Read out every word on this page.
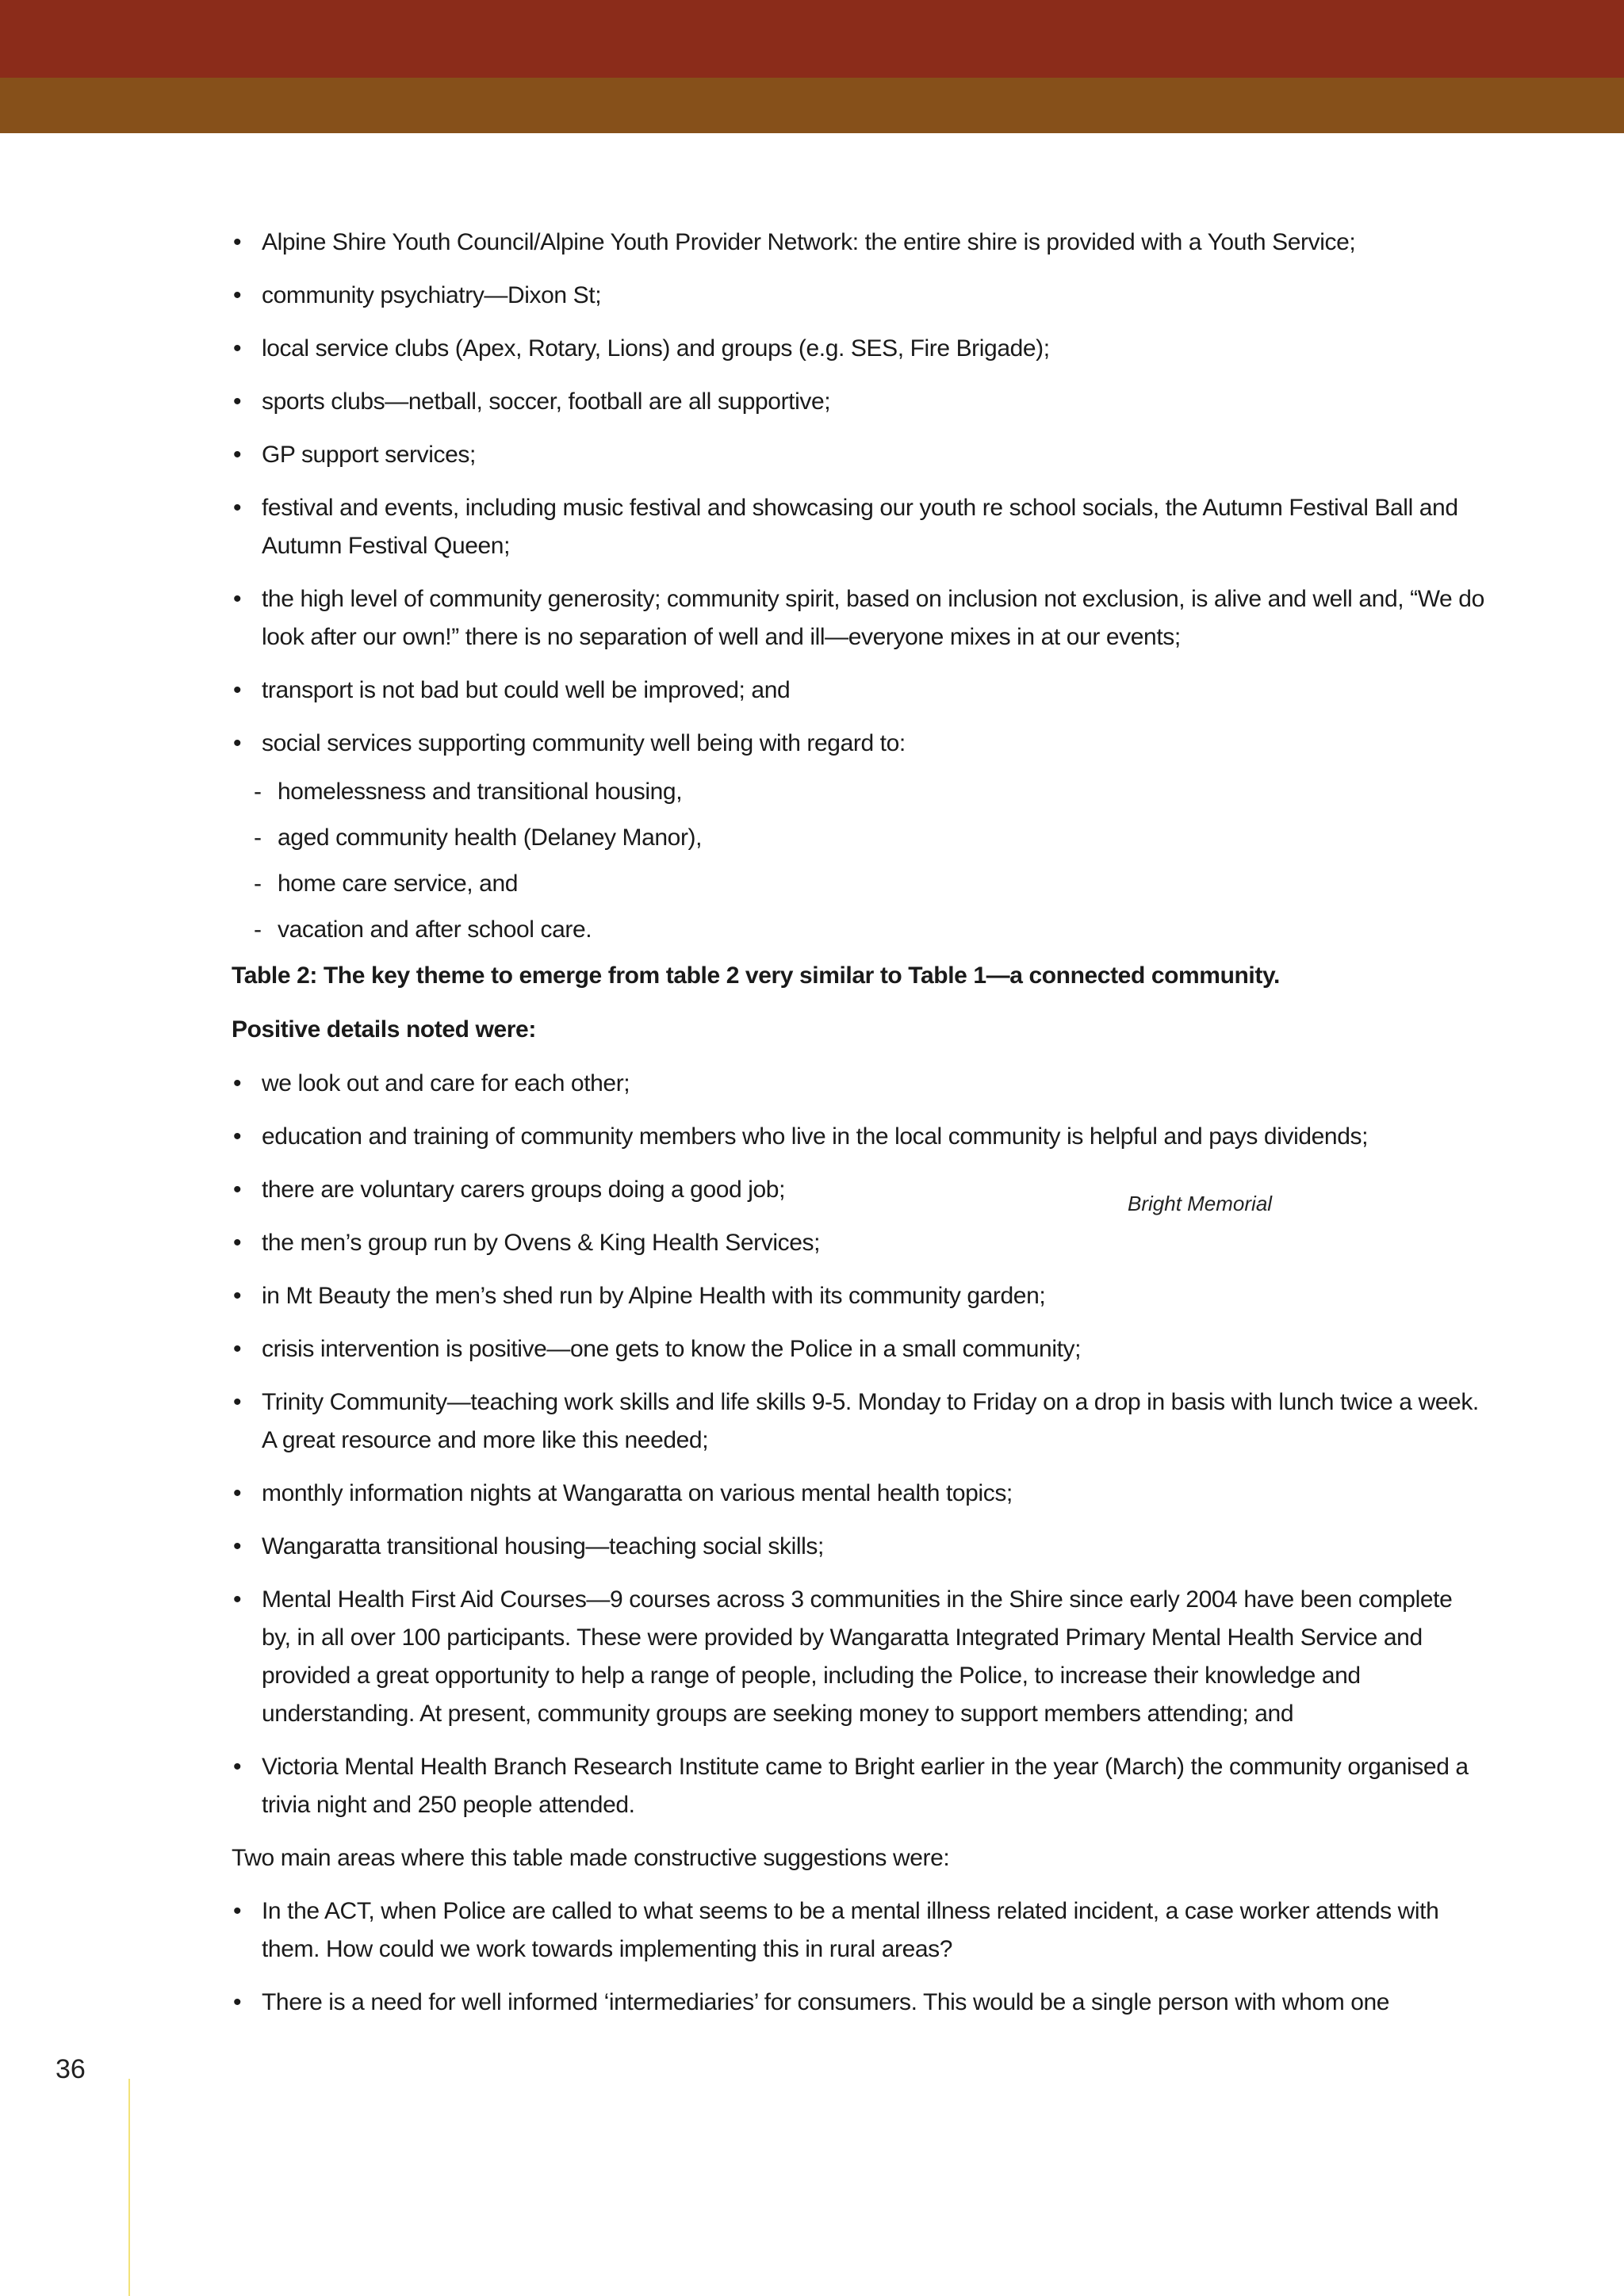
• Alpine Shire Youth Council/Alpine Youth Provider Network: the entire shire is provided with a Youth Service;
• community psychiatry—Dixon St;
• local service clubs (Apex, Rotary, Lions) and groups (e.g. SES, Fire Brigade);
• sports clubs—netball, soccer, football are all supportive;
• GP support services;
• festival and events, including music festival and showcasing our youth re school socials, the Autumn Festival Ball and Autumn Festival Queen;
• the high level of community generosity; community spirit, based on inclusion not exclusion, is alive and well and, “We do look after our own!” there is no separation of well and ill—everyone mixes in at our events;
• transport is not bad but could well be improved; and
• social services supporting community well being with regard to:
- homelessness and transitional housing,
- aged community health (Delaney Manor),
- home care service, and
- vacation and after school care.

Table 2: The key theme to emerge from table 2 very similar to Table 1—a connected community.

Positive details noted were:

• we look out and care for each other;
• education and training of community members who live in the local community is helpful and pays dividends;
• there are voluntary carers groups doing a good job;
• the men’s group run by Ovens & King Health Services;
• in Mt Beauty the men’s shed run by Alpine Health with its community garden;
• crisis intervention is positive—one gets to know the Police in a small community;
• Trinity Community—teaching work skills and life skills 9-5. Monday to Friday on a drop in basis with lunch twice a week. A great resource and more like this needed;
• monthly information nights at Wangaratta on various mental health topics;
• Wangaratta transitional housing—teaching social skills;
• Mental Health First Aid Courses—9 courses across 3 communities in the Shire since early 2004 have been complete by, in all over 100 participants. These were provided by Wangaratta Integrated Primary Mental Health Service and provided a great opportunity to help a range of people, including the Police, to increase their knowledge and understanding. At present, community groups are seeking money to support members attending; and
• Victoria Mental Health Branch Research Institute came to Bright earlier in the year (March) the community organised a trivia night and 250 people attended.

Two main areas where this table made constructive suggestions were:

• In the ACT, when Police are called to what seems to be a mental illness related incident, a case worker attends with them. How could we work towards implementing this in rural areas?
• There is a need for well informed ‘intermediaries’ for consumers. This would be a single person with whom one
Bright Memorial
36
